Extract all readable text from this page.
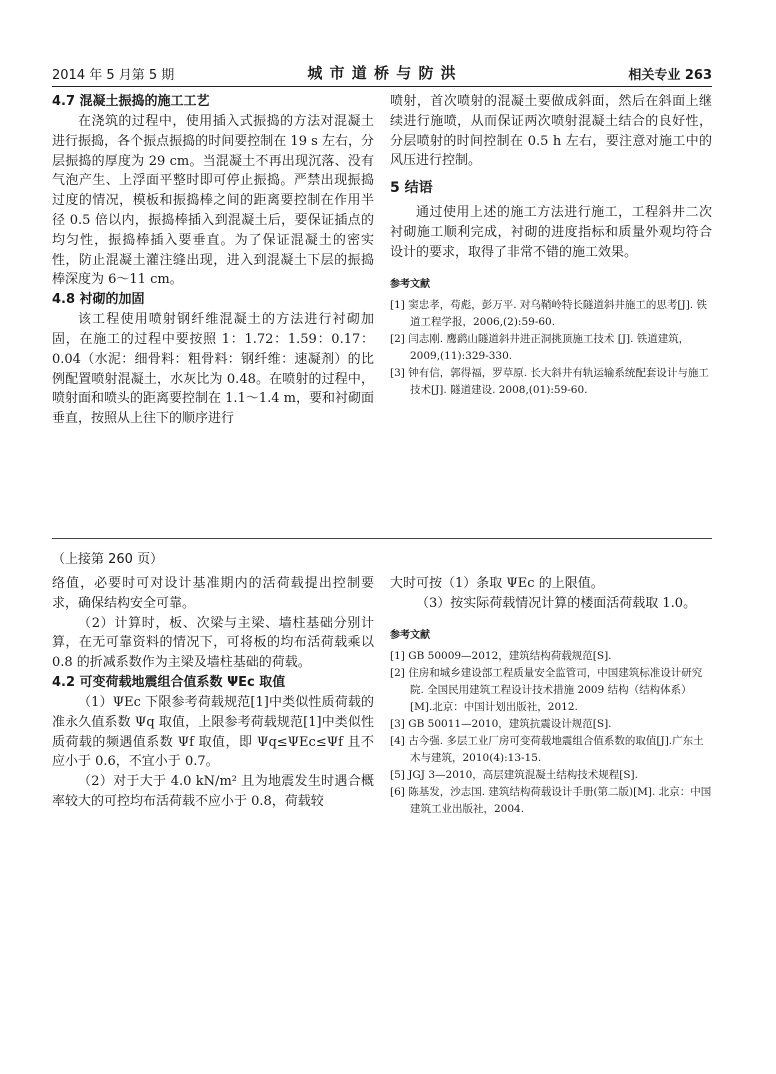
2014 年 5 月第 5 期	城 市 道 桥 与 防 洪	相关专业 263
4.7 混凝土振捣的施工工艺

在浇筑的过程中，使用插入式振捣的方法对混凝土进行振捣，各个振点振捣的时间要控制在 19 s 左右，分层振捣的厚度为 29 cm。当混凝土不再出现沉落、没有气泡产生、上浮面平整时即可停止振捣。严禁出现振捣过度的情况，模板和振捣棒之间的距离要控制在作用半径 0.5 倍以内，振捣棒插入到混凝土后，要保证插点的均匀性，振捣棒插入要垂直。为了保证混凝土的密实性，防止混凝土灌注缝出现，进入到混凝土下层的振捣棒深度为 6～11 cm。

4.8 衬砌的加固

该工程使用喷射钢纤维混凝土的方法进行衬砌加固，在施工的过程中要按照 1：1.72：1.59：0.17：0.04（水泥：细骨料：粗骨料：钢纤维：速凝剂）的比例配置喷射混凝土，水灰比为 0.48。在喷射的过程中，喷射面和喷头的距离要控制在 1.1～1.4 m，要和衬砌面垂直，按照从上往下的顺序进行

喷射，首次喷射的混凝土要做成斜面，然后在斜面上继续进行施喷，从而保证两次喷射混凝土结合的良好性，分层喷射的时间控制在 0.5 h 左右，要注意对施工中的风压进行控制。

5 结语

通过使用上述的施工方法进行施工，工程斜井二次衬砌施工顺利完成，衬砌的进度指标和质量外观均符合设计的要求，取得了非常不错的施工效果。

参考文献
[1] 窦忠孝，苟彪，彭万平. 对乌鞘岭特长隧道斜井施工的思考[J]. 铁道工程学报，2006,(2):59-60.
[2] 闫志刚. 鹰鹞山隧道斜井进正洞挑顶施工技术 [J]. 铁道建筑，2009,(11):329-330.
[3] 钟有信，郭得福，罗草原. 长大斜井有轨运输系统配套设计与施工技术[J]. 隧道建设. 2008,(01):59-60.
（上接第 260 页）

络值，必要时可对设计基准期内的活荷载提出控制要求，确保结构安全可靠。

（2）计算时，板、次梁与主梁、墙柱基础分别计算，在无可靠资料的情况下，可将板的均布活荷载乘以 0.8 的折减系数作为主梁及墙柱基础的荷载。

4.2 可变荷载地震组合值系数 ΨEc 取值

（1）ΨEc 下限参考荷载规范[1]中类似性质荷载的准永久值系数 Ψq 取值，上限参考荷载规范[1]中类似性质荷载的频遇值系数 Ψf 取值，即 Ψq≤ΨEc≤Ψf 且不应小于 0.6，不宜小于 0.7。

（2）对于大于 4.0 kN/m² 且为地震发生时遇合概率较大的可控均布活荷载不应小于 0.8，荷载较

大时可按（1）条取 ΨEc 的上限值。

（3）按实际荷载情况计算的楼面活荷载取 1.0。

参考文献
[1] GB 50009—2012，建筑结构荷载规范[S].
[2] 住房和城乡建设部工程质量安全监管司，中国建筑标准设计研究院. 全国民用建筑工程设计技术措施 2009 结构（结构体系）[M].北京：中国计划出版社，2012.
[3] GB 50011—2010，建筑抗震设计规范[S].
[4] 古今强. 多层工业厂房可变荷载地震组合值系数的取值[J].广东土木与建筑，2010(4):13-15.
[5] JGJ 3—2010，高层建筑混凝土结构技术规程[S].
[6] 陈基发，沙志国. 建筑结构荷载设计手册(第二版)[M]. 北京：中国建筑工业出版社，2004.
